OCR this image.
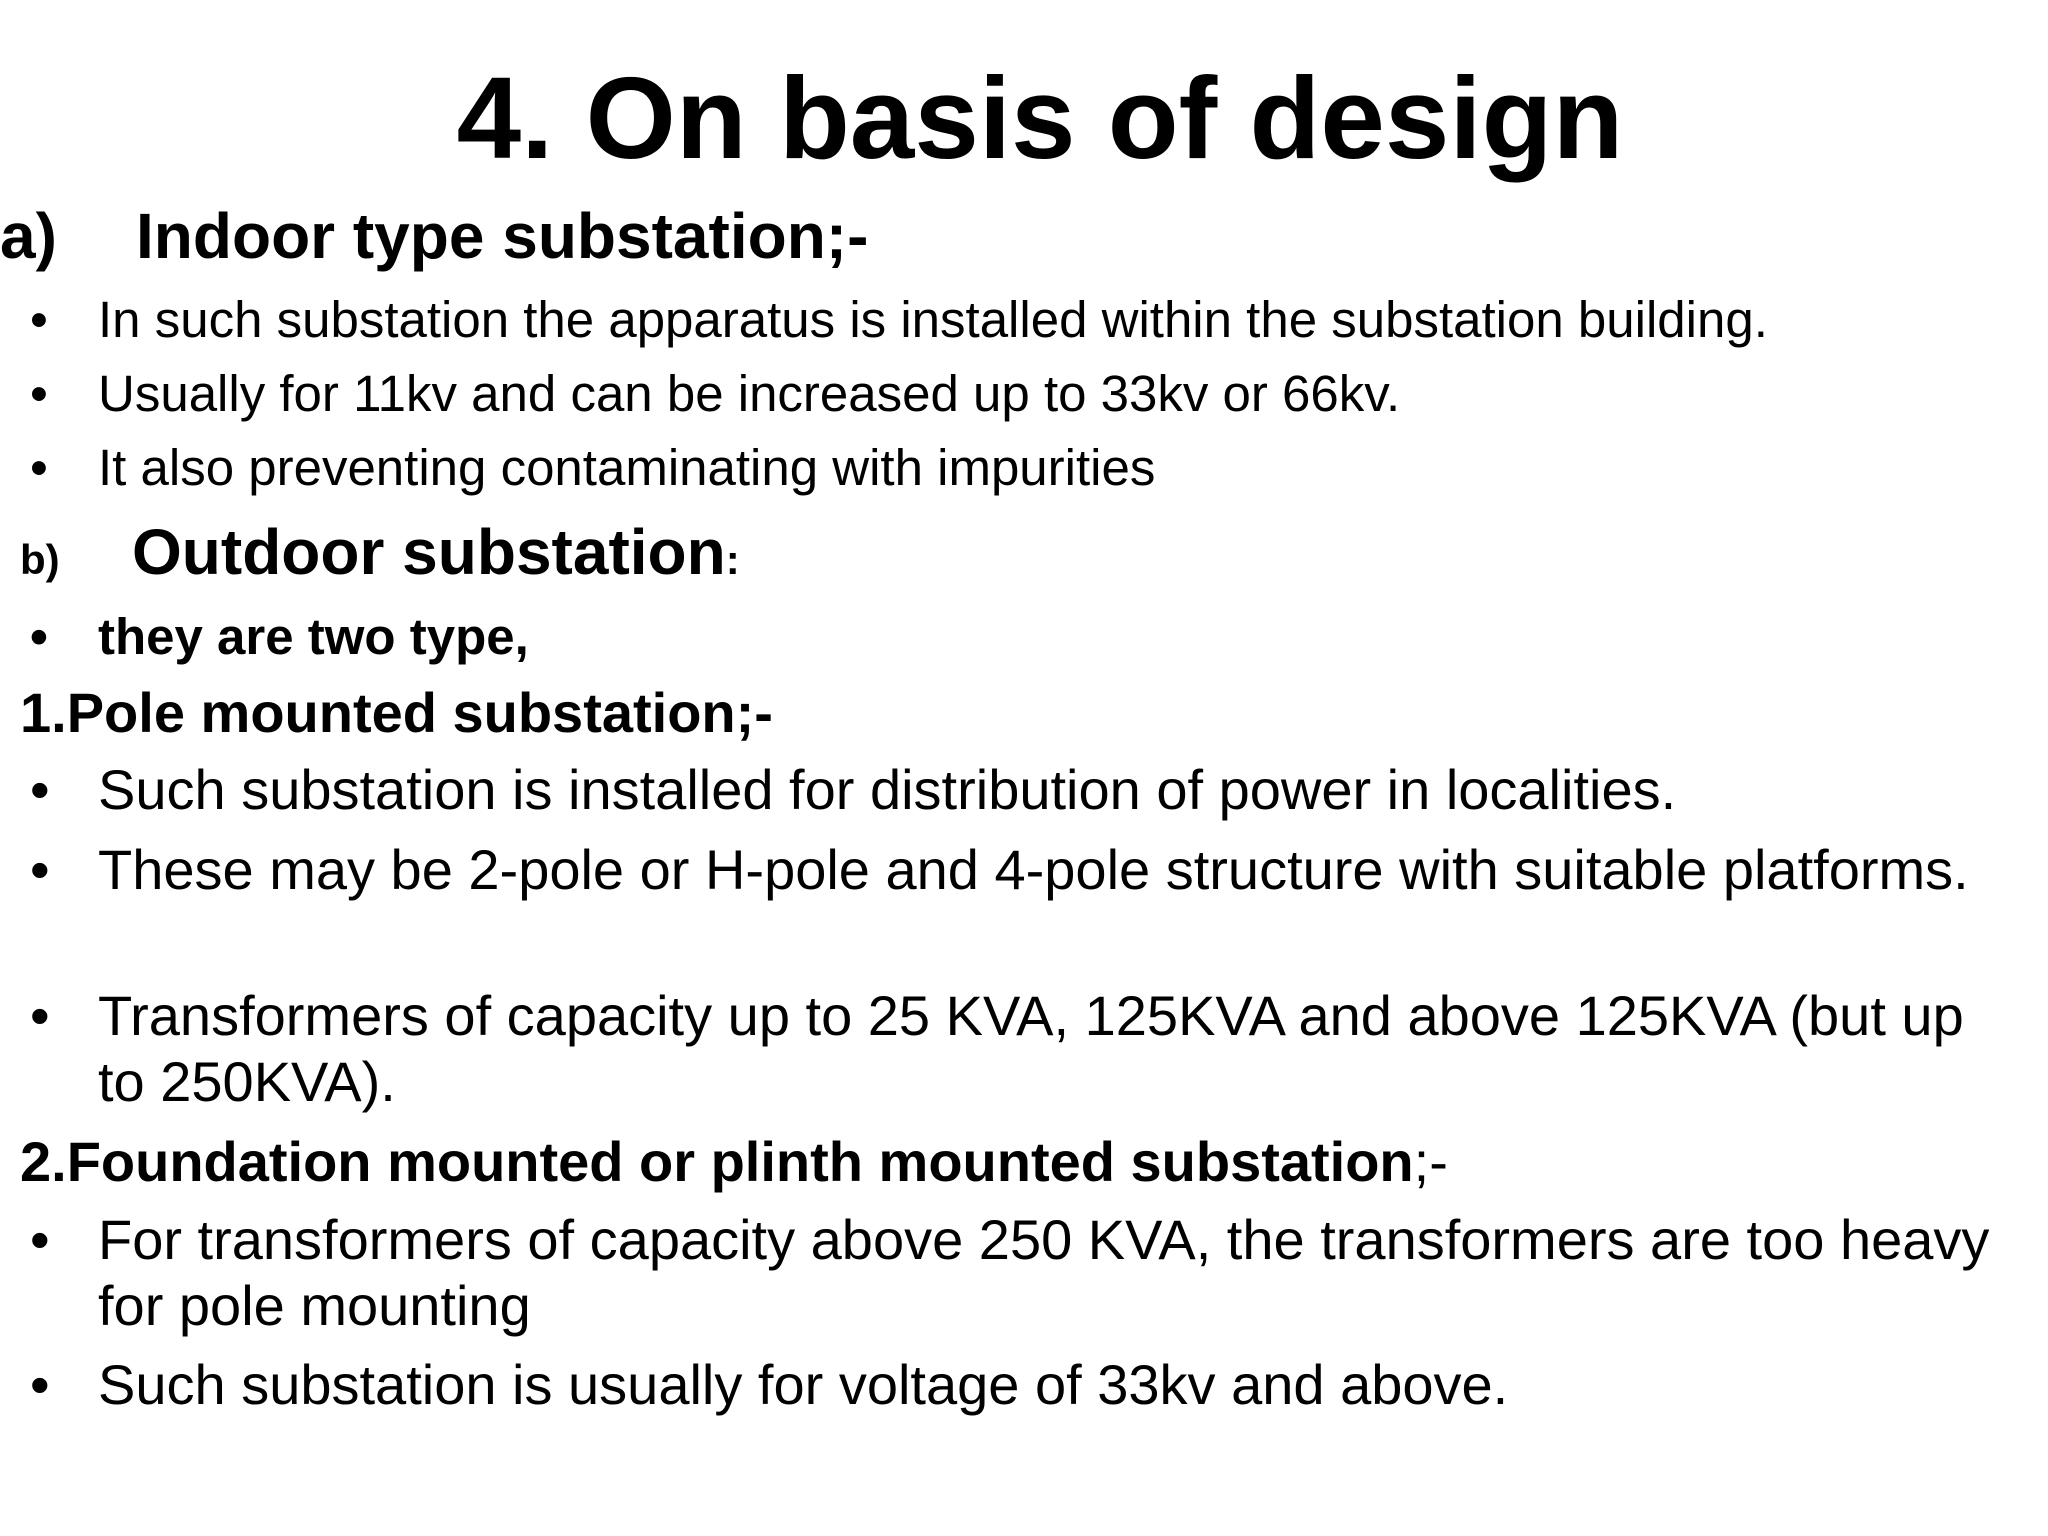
4. On basis of design
a) Indoor type substation;-
• In such substation the apparatus is installed within the substation building.
• Usually for 11kv and can be increased up to 33kv or 66kv.
• It also preventing contaminating with impurities
b) Outdoor substation:
• they are two type,
1.Pole mounted substation;-
• Such substation is installed for distribution of power in localities.
• These may be 2-pole or H-pole and 4-pole structure with suitable platforms.
• Transformers of capacity up to 25 KVA, 125KVA and above 125KVA (but up to 250KVA).
2.Foundation mounted or plinth mounted substation;-
• For transformers of capacity above 250 KVA, the transformers are too heavy for pole mounting
• Such substation is usually for voltage of 33kv and above.
